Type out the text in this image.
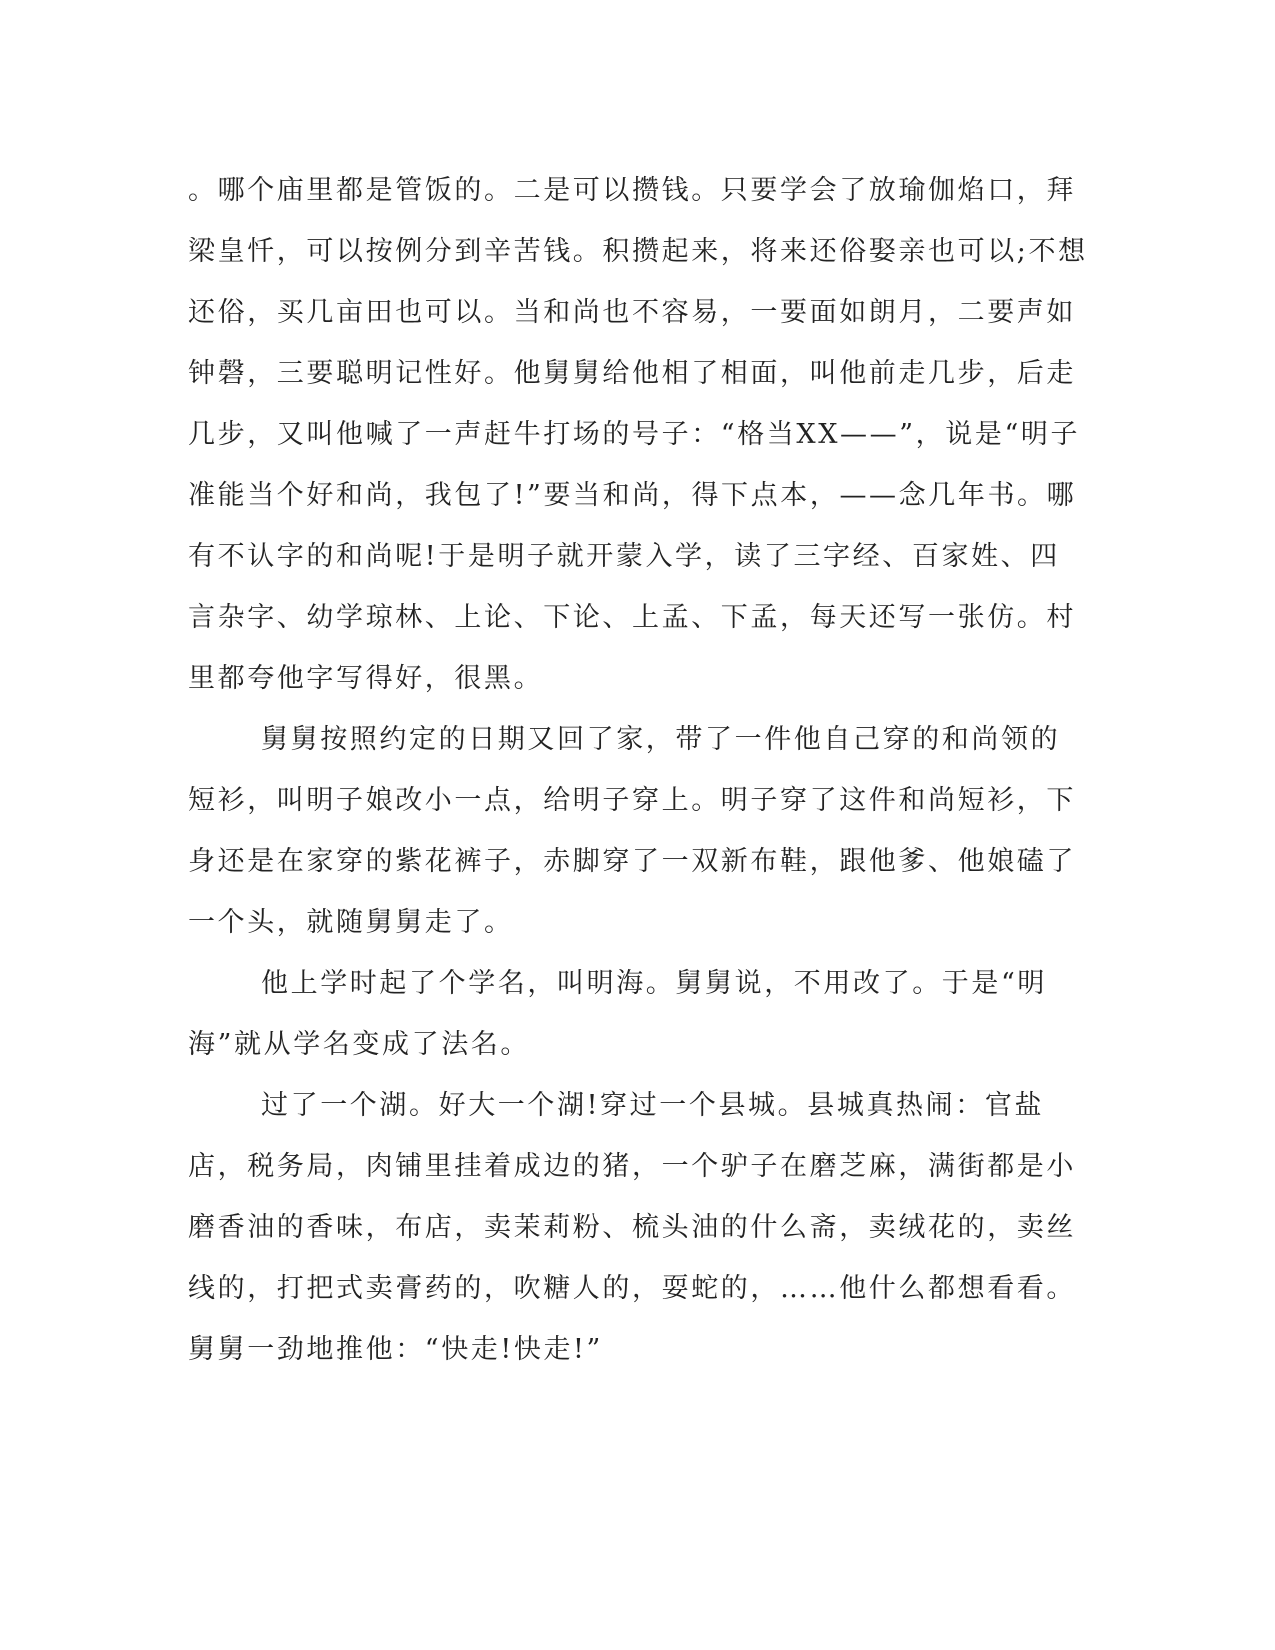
。哪个庙里都是管饭的。二是可以攒钱。只要学会了放瑜伽焰口，拜梁皇忏，可以按例分到辛苦钱。积攒起来，将来还俗娶亲也可以;不想还俗，买几亩田也可以。当和尚也不容易，一要面如朗月，二要声如钟磬，三要聪明记性好。他舅舅给他相了相面，叫他前走几步，后走几步，又叫他喊了一声赶牛打场的号子：“格当XX——”，说是“明子准能当个好和尚，我包了!”要当和尚，得下点本，——念几年书。哪有不认字的和尚呢!于是明子就开蒙入学，读了三字经、百家姓、四言杂字、幼学琼林、上论、下论、上孟、下孟，每天还写一张仿。村里都夸他字写得好，很黑。

舅舅按照约定的日期又回了家，带了一件他自己穿的和尚领的短衫，叫明子娘改小一点，给明子穿上。明子穿了这件和尚短衫，下身还是在家穿的紫花裤子，赤脚穿了一双新布鞋，跟他爹、他娘磕了一个头，就随舅舅走了。

他上学时起了个学名，叫明海。舅舅说，不用改了。于是“明海”就从学名变成了法名。

过了一个湖。好大一个湖!穿过一个县城。县城真热闹：官盐店，税务局，肉铺里挂着成边的猪，一个驴子在磨芝麻，满街都是小磨香油的香味，布店，卖茉莉粉、梳头油的什么斋，卖绒花的，卖丝线的，打把式卖膏药的，吹糖人的，耍蛇的，……他什么都想看看。舅舅一劲地推他：“快走!快走!”
